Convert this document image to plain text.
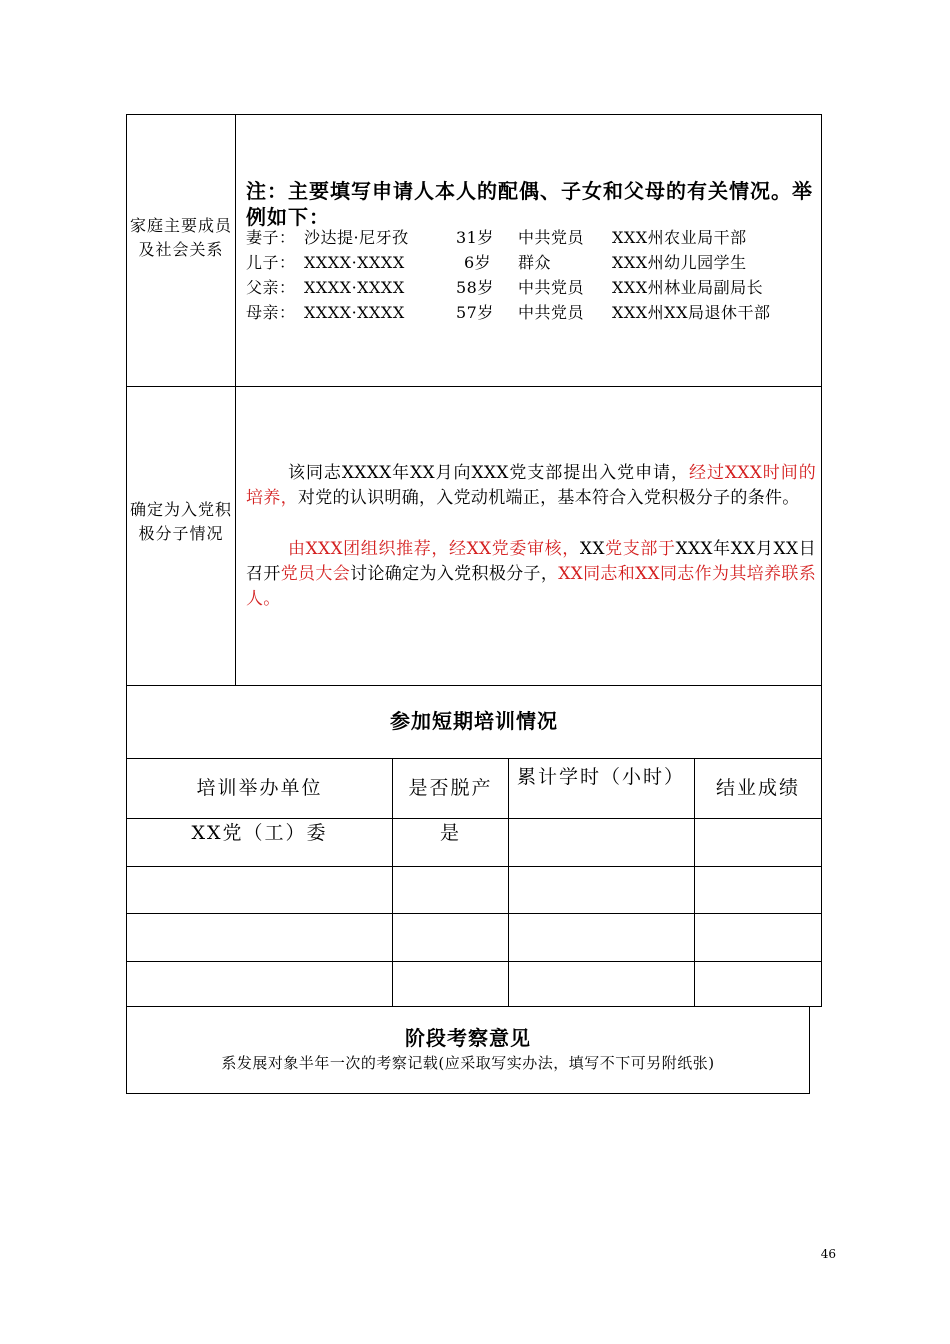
家庭主要成员及社会关系
注：主要填写申请人本人的配偶、子女和父母的有关情况。举例如下：
妻子： 沙达提·尼牙孜	31岁 中共党员 XXX州农业局干部
儿子： XXXX·XXXX	6岁 群众	XXX州幼儿园学生
父亲： XXXX·XXXX	58岁 中共党员 XXX州林业局副局长
母亲： XXXX·XXXX	57岁 中共党员 XXX州XX局退休干部
确定为入党积极分子情况
该同志XXXX年XX月向XXX党支部提出入党申请，经过XXX时间的培养，对党的认识明确，入党动机端正，基本符合入党积极分子的条件。
由XXX团组织推荐，经XX党委审核，XX党支部于XXX年XX月XX日召开党员大会讨论确定为入党积极分子，XX同志和XX同志作为其培养联系人。
参加短期培训情况
培训举办单位	是否脱产	累计学时（小时）	结业成绩
XX党（工）委	是
阶段考察意见
系发展对象半年一次的考察记载(应采取写实办法，填写不下可另附纸张)
46
